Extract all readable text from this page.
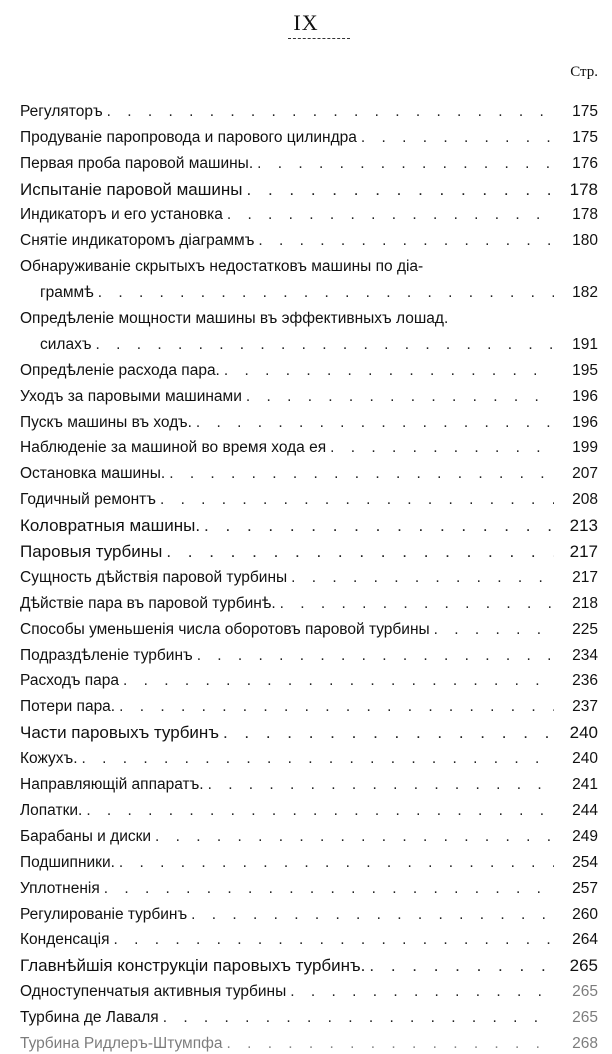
IX
Стр.
Регуляторъ . . .	175
Продуваніе паропровода и парового цилиндра . . .	175
Первая проба паровой машины. . . .	176
Испытаніе паровой машины . . .	178
Индикаторъ и его установка . . .	178
Снятіе индикаторомъ діаграммъ . . .	180
Обнаруживаніе скрытыхъ недостатковъ машины по діа-
граммѣ . . .	182
Опредѣленіе мощности машины въ эффективныхъ лошад.
силахъ . . .	191
Опредѣленіе расхода пара. . . .	195
Уходъ за паровыми машинами . . .	196
Пускъ машины въ ходъ. . . .	196
Наблюденіе за машиной во время хода ея . . .	199
Остановка машины. . . .	207
Годичный ремонтъ . . .	208
Коловратныя машины. . . .	213
Паровыя турбины . . .	217
Сущность дѣйствія паровой турбины . . .	217
Дѣйствіе пара въ паровой турбинѣ. . . .	218
Способы уменьшенія числа оборотовъ паровой турбины . . .	225
Подраздѣленіе турбинъ . . .	234
Расходъ пара . . .	236
Потери пара. . . .	237
Части паровыхъ турбинъ . . .	240
Кожухъ. . . .	240
Направляющій аппаратъ. . . .	241
Лопатки. . . .	244
Барабаны и диски . . .	249
Подшипники. . . .	254
Уплотненія . . .	257
Регулированіе турбинъ . . .	260
Конденсація . . .	264
Главнѣйшія конструкціи паровыхъ турбинъ. . . .	265
Одноступенчатыя активныя турбины . . .	265
Турбина де Лаваля . . .	265
Турбина Ридлеръ-Штумпфа . . .	268
